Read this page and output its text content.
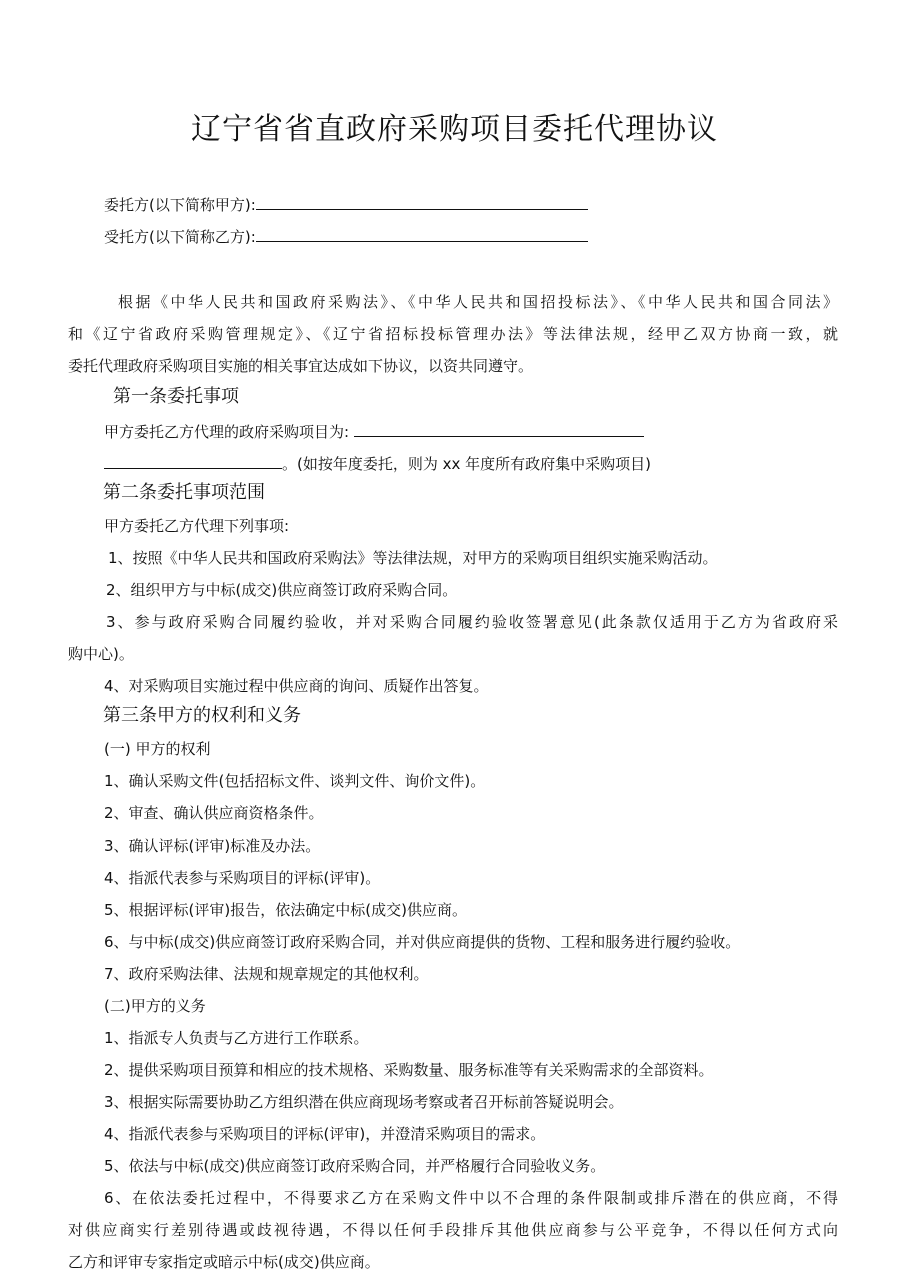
辽宁省省直政府采购项目委托代理协议
委托方(以下简称甲方):
受托方(以下简称乙方):
根据《中华人民共和国政府采购法》、《中华人民共和国招投标法》、《中华人民共和国合同法》
和《辽宁省政府采购管理规定》、《辽宁省招标投标管理办法》等法律法规，经甲乙双方协商一致，就
委托代理政府采购项目实施的相关事宜达成如下协议，以资共同遵守。
第一条委托事项
甲方委托乙方代理的政府采购项目为:
。(如按年度委托，则为 xx 年度所有政府集中采购项目)
第二条委托事项范围
甲方委托乙方代理下列事项:
1、按照《中华人民共和国政府采购法》等法律法规，对甲方的采购项目组织实施采购活动。
2、组织甲方与中标(成交)供应商签订政府采购合同。
3、参与政府采购合同履约验收，并对采购合同履约验收签署意见(此条款仅适用于乙方为省政府采
购中心)。
4、对采购项目实施过程中供应商的询问、质疑作出答复。
第三条甲方的权利和义务
(一) 甲方的权利
1、确认采购文件(包括招标文件、谈判文件、询价文件)。
2、审查、确认供应商资格条件。
3、确认评标(评审)标准及办法。
4、指派代表参与采购项目的评标(评审)。
5、根据评标(评审)报告，依法确定中标(成交)供应商。
6、与中标(成交)供应商签订政府采购合同，并对供应商提供的货物、工程和服务进行履约验收。
7、政府采购法律、法规和规章规定的其他权利。
(二)甲方的义务
1、指派专人负责与乙方进行工作联系。
2、提供采购项目预算和相应的技术规格、采购数量、服务标准等有关采购需求的全部资料。
3、根据实际需要协助乙方组织潜在供应商现场考察或者召开标前答疑说明会。
4、指派代表参与采购项目的评标(评审)，并澄清采购项目的需求。
5、依法与中标(成交)供应商签订政府采购合同，并严格履行合同验收义务。
6、在依法委托过程中，不得要求乙方在采购文件中以不合理的条件限制或排斥潜在的供应商，不得
对供应商实行差别待遇或歧视待遇，不得以任何手段排斥其他供应商参与公平竞争，不得以任何方式向
乙方和评审专家指定或暗示中标(成交)供应商。
